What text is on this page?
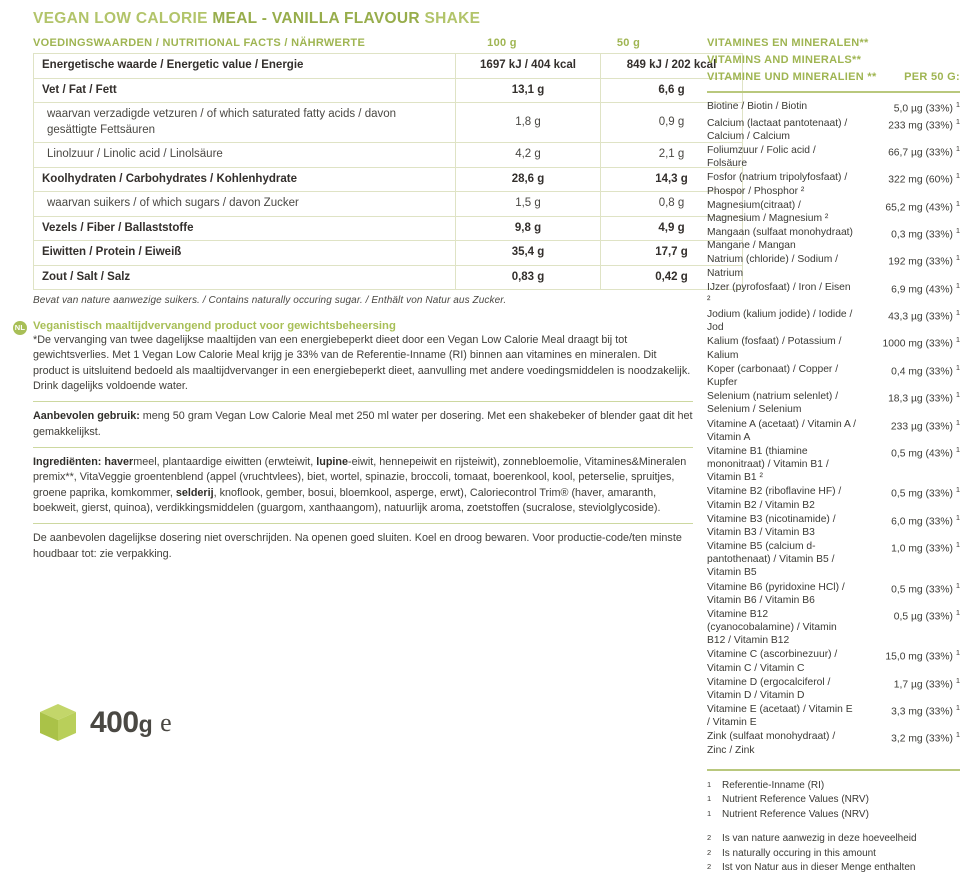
VEGAN LOW CALORIE MEAL - VANILLA FLAVOUR SHAKE
VOEDINGSWAARDEN / NUTRITIONAL FACTS / NÄHRWERTE	100 g	50 g
Energetische waarde / Energetic value / Energie	1697 kJ / 404 kcal	849 kJ / 202 kcal
Vet / Fat / Fett	13,1 g	6,6 g
waarvan verzadigde vetzuren / of which saturated fatty acids / davon gesättigte Fettsäuren	1,8 g	0,9 g
Linolzuur / Linolic acid / Linolsäure	4,2 g	2,1 g
Koolhydraten / Carbohydrates / Kohlenhydrate	28,6 g	14,3 g
waarvan suikers / of which sugars / davon Zucker	1,5 g	0,8 g
Vezels / Fiber / Ballaststoffe	9,8 g	4,9 g
Eiwitten / Protein / Eiweiß	35,4 g	17,7 g
Zout / Salt / Salz	0,83 g	0,42 g
Bevat van nature aanwezige suikers. / Contains naturally occuring sugar. / Enthält von Natur aus Zucker.
NL Veganistisch maaltijdvervangend product voor gewichtsbeheersing
*De vervanging van twee dagelijkse maaltijden van een energiebeperkt dieet door een Vegan Low Calorie Meal draagt bij tot gewichtsverlies. Met 1 Vegan Low Calorie Meal krijg je 33% van de Referentie-Inname (RI) binnen aan vitamines en mineralen. Dit product is uitsluitend bedoeld als maaltijdvervanger in een energiebeperkt dieet, aanvulling met andere voedingsmiddelen is noodzakelijk. Drink dagelijks voldoende water.
Aanbevolen gebruik: meng 50 gram Vegan Low Calorie Meal met 250 ml water per dosering. Met een shakebeker of blender gaat dit het gemakkelijkst.
Ingrediënten: havermeel, plantaardige eiwitten (erwteiwit, lupine-eiwit, hennepeiwit en rijsteiwit), zonnebloemolie, Vitamines&Mineralen premix**, VitaVeggie groentenblend (appel (vruchtvlees), biet, wortel, spinazie, broccoli, tomaat, boerenkool, kool, peterselie, spruitjes, groene paprika, komkommer, selderij, knoflook, gember, bosui, bloemkool, asperge, erwt), Caloriecontrol Trim® (haver, amaranth, boekweit, gierst, quinoa), verdikkingsmiddelen (guargom, xanthaangom), natuurlijk aroma, zoetstoffen (sucralose, steviolglycoside).
De aanbevolen dagelijkse dosering niet overschrijden. Na openen goed sluiten. Koel en droog bewaren. Voor productie-code/ten minste houdbaar tot: zie verpakking.
VITAMINES EN MINERALEN**
VITAMINS AND MINERALS**
VITAMINE UND MINERALIEN **	PER 50 G:
Biotine / Biotin / Biotin	5,0 µg (33%) $^1$
Calcium (lactaat pantotenaat) / Calcium / Calcium	233 mg (33%) $^1$
Foliumzuur / Folic acid / Folsäure	66,7 µg (33%) $^1$
Fosfor (natrium tripolyfosfaat) / Phospor / Phosphor ²	322 mg (60%) $^1$
Magnesium(citraat) / Magnesium / Magnesium ²	65,2 mg (43%) $^1$
Mangaan (sulfaat monohydraat) Mangane / Mangan	0,3 mg (33%) $^1$
Natrium (chloride) / Sodium / Natrium	192 mg (33%) $^1$
IJzer (pyrofosfaat) / Iron / Eisen ²	6,9 mg (43%) $^1$
Jodium (kalium jodide) / Iodide / Jod	43,3 µg (33%) $^1$
Kalium (fosfaat) / Potassium / Kalium	1000 mg (33%) $^1$
Koper (carbonaat) / Copper / Kupfer	0,4 mg (33%) $^1$
Selenium (natrium selenlet) / Selenium / Selenium	18,3 µg (33%) $^1$
Vitamine A (acetaat) / Vitamin A / Vitamin A	233 µg (33%) $^1$
Vitamine B1 (thiamine mononitraat) / Vitamin B1 / Vitamin B1 ²	0,5 mg (43%) $^1$
Vitamine B2 (riboflavine HF) / Vitamin B2 / Vitamin B2	0,5 mg (33%) $^1$
Vitamine B3 (nicotinamide) / Vitamin B3 / Vitamin B3	6,0 mg (33%) $^1$
Vitamine B5 (calcium d-pantothenaat) / Vitamin B5 / Vitamin B5	1,0 mg (33%) $^1$
Vitamine B6 (pyridoxine HCl) / Vitamin B6 / Vitamin B6	0,5 mg (33%) $^1$
Vitamine B12 (cyanocobalamine) / Vitamin B12 / Vitamin B12	0,5 µg (33%) $^1$
Vitamine C (ascorbinezuur) / Vitamin C / Vitamin C	15,0 mg (33%) $^1$
Vitamine D (ergocalciferol / Vitamin D / Vitamin D	1,7 µg (33%) $^1$
Vitamine E (acetaat) / Vitamin E / Vitamin E	3,3 mg (33%) $^1$
Zink (sulfaat monohydraat) / Zinc / Zink	3,2 mg (33%) $^1$
1	Referentie-Inname (RI)
1	Nutrient Reference Values (NRV)
1	Nutrient Reference Values (NRV)
2	Is van nature aanwezig in deze hoeveelheid
2	Is naturally occuring in this amount
2	Ist von Natur aus in dieser Menge enthalten
400g e
